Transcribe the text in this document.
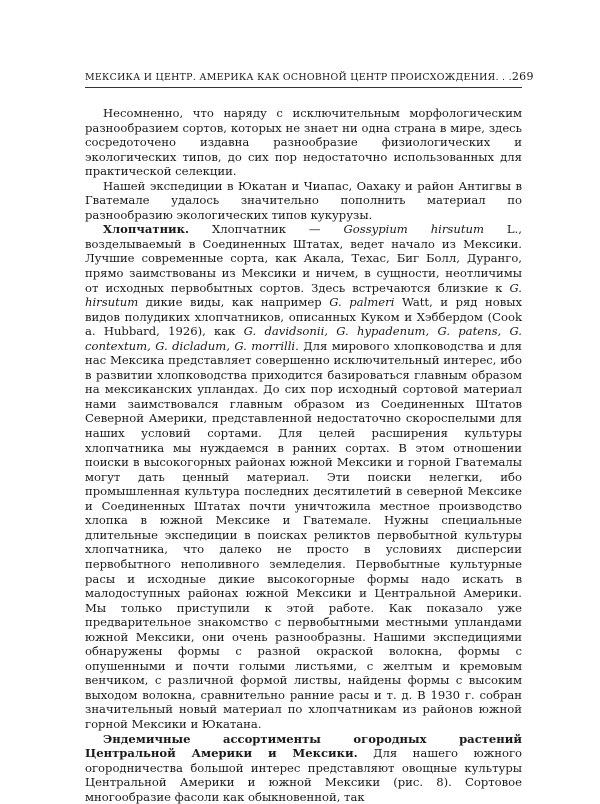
МЕКСИКА И ЦЕНТР. АМЕРИКА КАК ОСНОВНОЙ ЦЕНТР ПРОИСХОЖДЕНИЯ. . . 269

Несомненно, что наряду с исключительным морфологическим разнообразием сортов, которых не знает ни одна страна в мире, здесь сосредоточено издавна разнообразие физиологических и экологических типов, до сих пор недостаточно использованных для практической селекции.

Нашей экспедиции в Юкатан и Чиапас, Оахаку и район Антигвы в Гватемале удалось значительно пополнить материал по разнообразию экологических типов кукурузы.

Хлопчатник. Хлопчатник — Gossypium hirsutum L., возделываемый в Соединенных Штатах, ведет начало из Мексики. Лучшие современные сорта, как Акала, Техас, Биг Болл, Дуранго, прямо заимствованы из Мексики и ничем, в сущности, неотличимы от исходных первобытных сортов. Здесь встречаются близкие к G. hirsutum дикие виды, как например G. palmeri Watt, и ряд новых видов полудиких хлопчатников, описанных Куком и Хэббердом (Cook a. Hubbard, 1926), как G. davidsonii, G. hypadenum, G. patens, G. contextum, G. dicladum, G. morrilli. Для мирового хлопководства и для нас Мексика представляет совершенно исключительный интерес, ибо в развитии хлопководства приходится базироваться главным образом на мексиканских упландах. До сих пор исходный сортовой материал нами заимствовался главным образом из Соединенных Штатов Северной Америки, представленной недостаточно скороспелыми для наших условий сортами. Для целей расширения культуры хлопчатника мы нуждаемся в ранних сортах. В этом отношении поиски в высокогорных районах южной Мексики и горной Гватемалы могут дать ценный материал. Эти поиски нелегки, ибо промышленная культура последних десятилетий в северной Мексике и Соединенных Штатах почти уничтожила местное производство хлопка в южной Мексике и Гватемале. Нужны специальные длительные экспедиции в поисках реликтов первобытной культуры хлопчатника, что далеко не просто в условиях дисперсии первобытного неполивного земледелия. Первобытные культурные расы и исходные дикие высокогорные формы надо искать в малодоступных районах южной Мексики и Центральной Америки. Мы только приступили к этой работе. Как показало уже предварительное знакомство с первобытными местными упландами южной Мексики, они очень разнообразны. Нашими экспедициями обнаружены формы с разной окраской волокна, формы с опушенными и почти голыми листьями, с желтым и кремовым венчиком, с различной формой листвы, найдены формы с высоким выходом волокна, сравнительно ранние расы и т. д. В 1930 г. собран значительный новый материал по хлопчатникам из районов южной горной Мексики и Юкатана.

Эндемичные ассортименты огородных растений Центральной Америки и Мексики. Для нашего южного огородничества большой интерес представляют овощные культуры Центральной Америки и южной Мексики (рис. 8). Сортовое многообразие фасоли как обыкновенной, так
